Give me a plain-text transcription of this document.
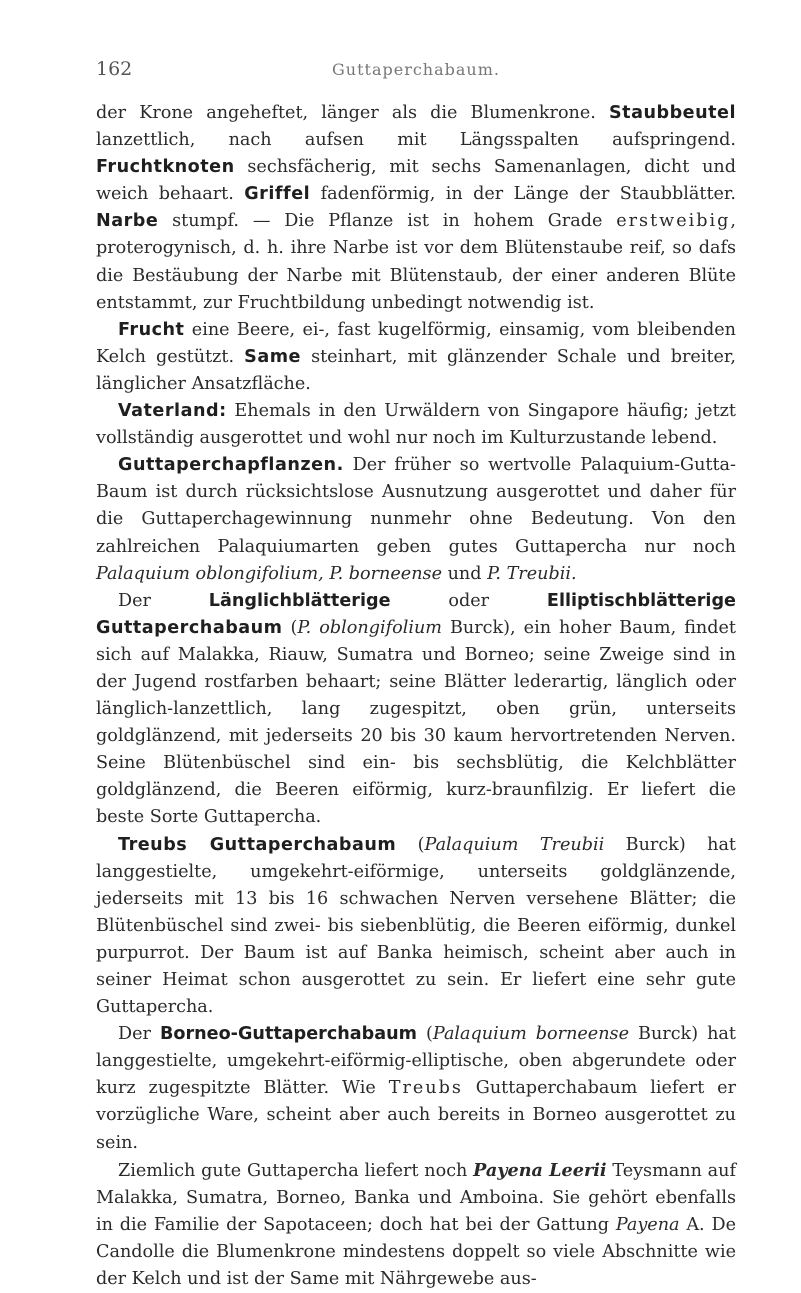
162	Guttaperchabaum.

der Krone angeheftet, länger als die Blumenkrone. Staubbeutel lanzettlich, nach aufsen mit Längsspalten aufspringend. Fruchtknoten sechsfächerig, mit sechs Samenanlagen, dicht und weich behaart. Griffel fadenförmig, in der Länge der Staubblätter. Narbe stumpf. — Die Pflanze ist in hohem Grade erstweibig, proterogynisch, d. h. ihre Narbe ist vor dem Blütenstaube reif, so dafs die Bestäubung der Narbe mit Blütenstaub, der einer anderen Blüte entstammt, zur Fruchtbildung unbedingt notwendig ist.

Frucht eine Beere, ei-, fast kugelförmig, einsamig, vom bleibenden Kelch gestützt. Same steinhart, mit glänzender Schale und breiter, länglicher Ansatzfläche.

Vaterland: Ehemals in den Urwäldern von Singapore häufig; jetzt vollständig ausgerottet und wohl nur noch im Kulturzustande lebend.

Guttaperchapflanzen. Der früher so wertvolle Palaquium-Gutta-Baum ist durch rücksichtslose Ausnutzung ausgerottet und daher für die Guttaperchagewinnung nunmehr ohne Bedeutung. Von den zahlreichen Palaquiumarten geben gutes Guttapercha nur noch Palaquium oblongifolium, P. borneense und P. Treubii.

Der Länglichblätterige oder Elliptischblätterige Guttaperchabaum (P. oblongifolium Burck), ein hoher Baum, findet sich auf Malakka, Riauw, Sumatra und Borneo; seine Zweige sind in der Jugend rostfarben behaart; seine Blätter lederartig, länglich oder länglich-lanzettlich, lang zugespitzt, oben grün, unterseits goldglänzend, mit jederseits 20 bis 30 kaum hervortretenden Nerven. Seine Blütenbüschel sind ein- bis sechsblütig, die Kelchblätter goldglänzend, die Beeren eiförmig, kurz-braunfilzig. Er liefert die beste Sorte Guttapercha.

Treubs Guttaperchabaum (Palaquium Treubii Burck) hat langgestielte, umgekehrt-eiförmige, unterseits goldglänzende, jederseits mit 13 bis 16 schwachen Nerven versehene Blätter; die Blütenbüschel sind zwei- bis siebenblütig, die Beeren eiförmig, dunkel purpurrot. Der Baum ist auf Banka heimisch, scheint aber auch in seiner Heimat schon ausgerottet zu sein. Er liefert eine sehr gute Guttapercha.

Der Borneo-Guttaperchabaum (Palaquium borneense Burck) hat langgestielte, umgekehrt-eiförmig-elliptische, oben abgerundete oder kurz zugespitzte Blätter. Wie Treubs Guttaperchabaum liefert er vorzügliche Ware, scheint aber auch bereits in Borneo ausgerottet zu sein.

Ziemlich gute Guttapercha liefert noch Payena Leerii Teysmann auf Malakka, Sumatra, Borneo, Banka und Amboina. Sie gehört ebenfalls in die Familie der Sapotaceen; doch hat bei der Gattung Payena A. De Candolle die Blumenkrone mindestens doppelt so viele Abschnitte wie der Kelch und ist der Same mit Nährgewebe aus-
